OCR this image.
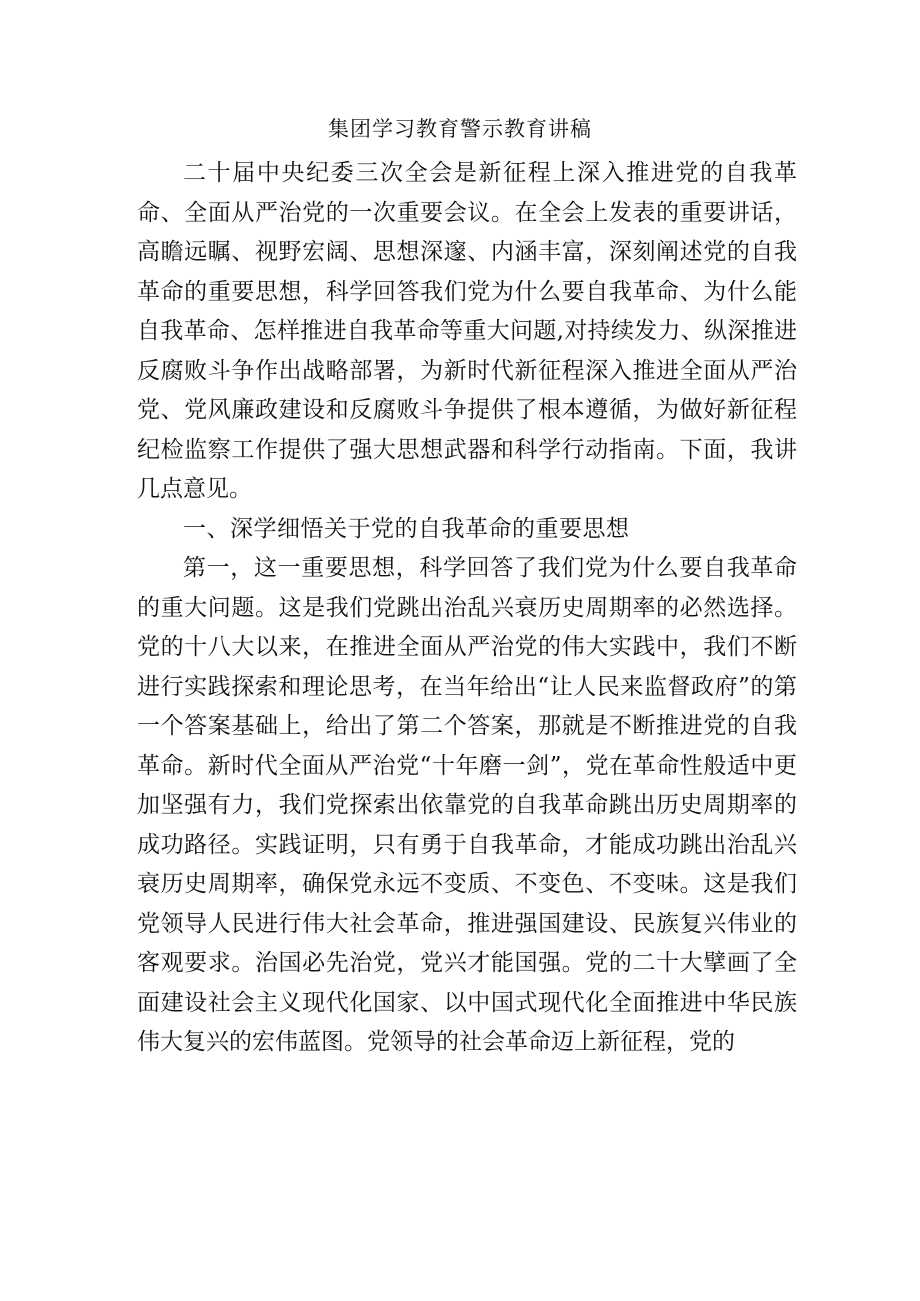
集团学习教育警示教育讲稿

二十届中央纪委三次全会是新征程上深入推进党的自我革命、全面从严治党的一次重要会议。在全会上发表的重要讲话，高瞻远瞩、视野宏阔、思想深邃、内涵丰富，深刻阐述党的自我革命的重要思想，科学回答我们党为什么要自我革命、为什么能自我革命、怎样推进自我革命等重大问题,对持续发力、纵深推进反腐败斗争作出战略部署，为新时代新征程深入推进全面从严治党、党风廉政建设和反腐败斗争提供了根本遵循，为做好新征程纪检监察工作提供了强大思想武器和科学行动指南。下面，我讲几点意见。

一、深学细悟关于党的自我革命的重要思想

第一，这一重要思想，科学回答了我们党为什么要自我革命的重大问题。这是我们党跳出治乱兴衰历史周期率的必然选择。党的十八大以来，在推进全面从严治党的伟大实践中，我们不断进行实践探索和理论思考，在当年给出“让人民来监督政府”的第一个答案基础上，给出了第二个答案，那就是不断推进党的自我革命。新时代全面从严治党“十年磨一剑”，党在革命性般适中更加坚强有力，我们党探索出依靠党的自我革命跳出历史周期率的成功路径。实践证明，只有勇于自我革命，才能成功跳出治乱兴衰历史周期率，确保党永远不变质、不变色、不变味。这是我们党领导人民进行伟大社会革命，推进强国建设、民族复兴伟业的客观要求。治国必先治党，党兴才能国强。党的二十大擘画了全面建设社会主义现代化国家、以中国式现代化全面推进中华民族伟大复兴的宏伟蓝图。党领导的社会革命迈上新征程，党的
